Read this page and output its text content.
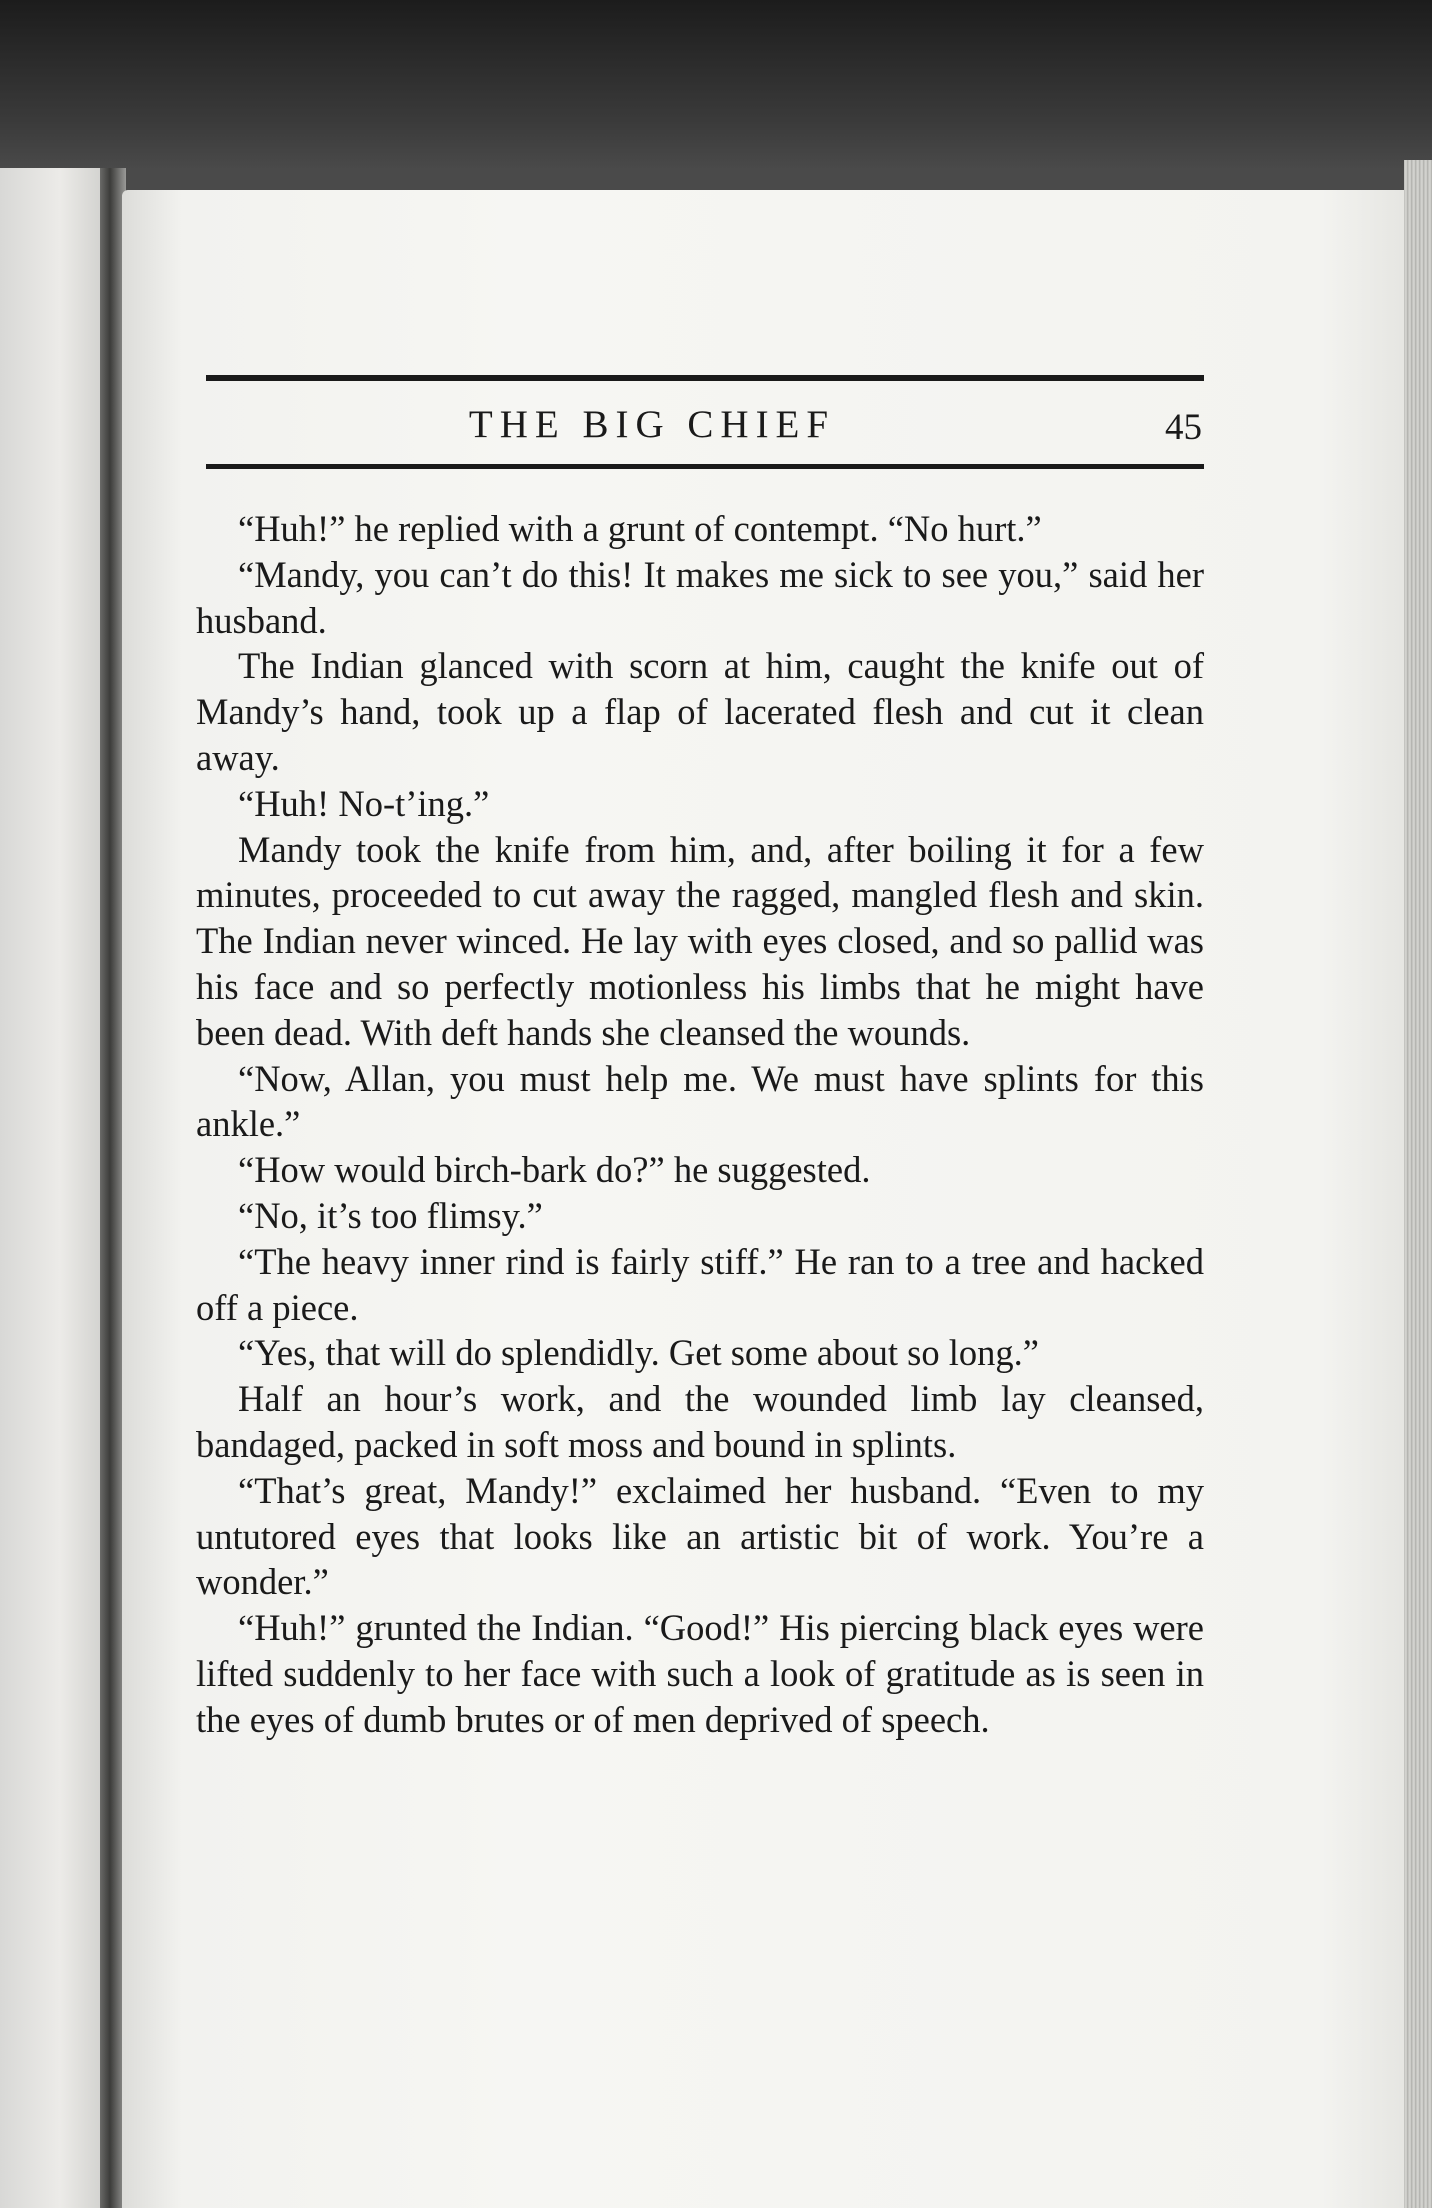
THE BIG CHIEF	45

“Huh!” he replied with a grunt of contempt. “No hurt.”

“Mandy, you can’t do this! It makes me sick to see you,” said her husband.

The Indian glanced with scorn at him, caught the knife out of Mandy’s hand, took up a flap of lacerated flesh and cut it clean away.

“Huh! No-t’ing.”

Mandy took the knife from him, and, after boiling it for a few minutes, proceeded to cut away the ragged, mangled flesh and skin. The Indian never winced. He lay with eyes closed, and so pallid was his face and so perfectly motionless his limbs that he might have been dead. With deft hands she cleansed the wounds.

“Now, Allan, you must help me. We must have splints for this ankle.”

“How would birch-bark do?” he suggested.

“No, it’s too flimsy.”

“The heavy inner rind is fairly stiff.” He ran to a tree and hacked off a piece.

“Yes, that will do splendidly. Get some about so long.”

Half an hour’s work, and the wounded limb lay cleansed, bandaged, packed in soft moss and bound in splints.

“That’s great, Mandy!” exclaimed her husband. “Even to my untutored eyes that looks like an artistic bit of work. You’re a wonder.”

“Huh!” grunted the Indian. “Good!” His piercing black eyes were lifted suddenly to her face with such a look of gratitude as is seen in the eyes of dumb brutes or of men deprived of speech.
